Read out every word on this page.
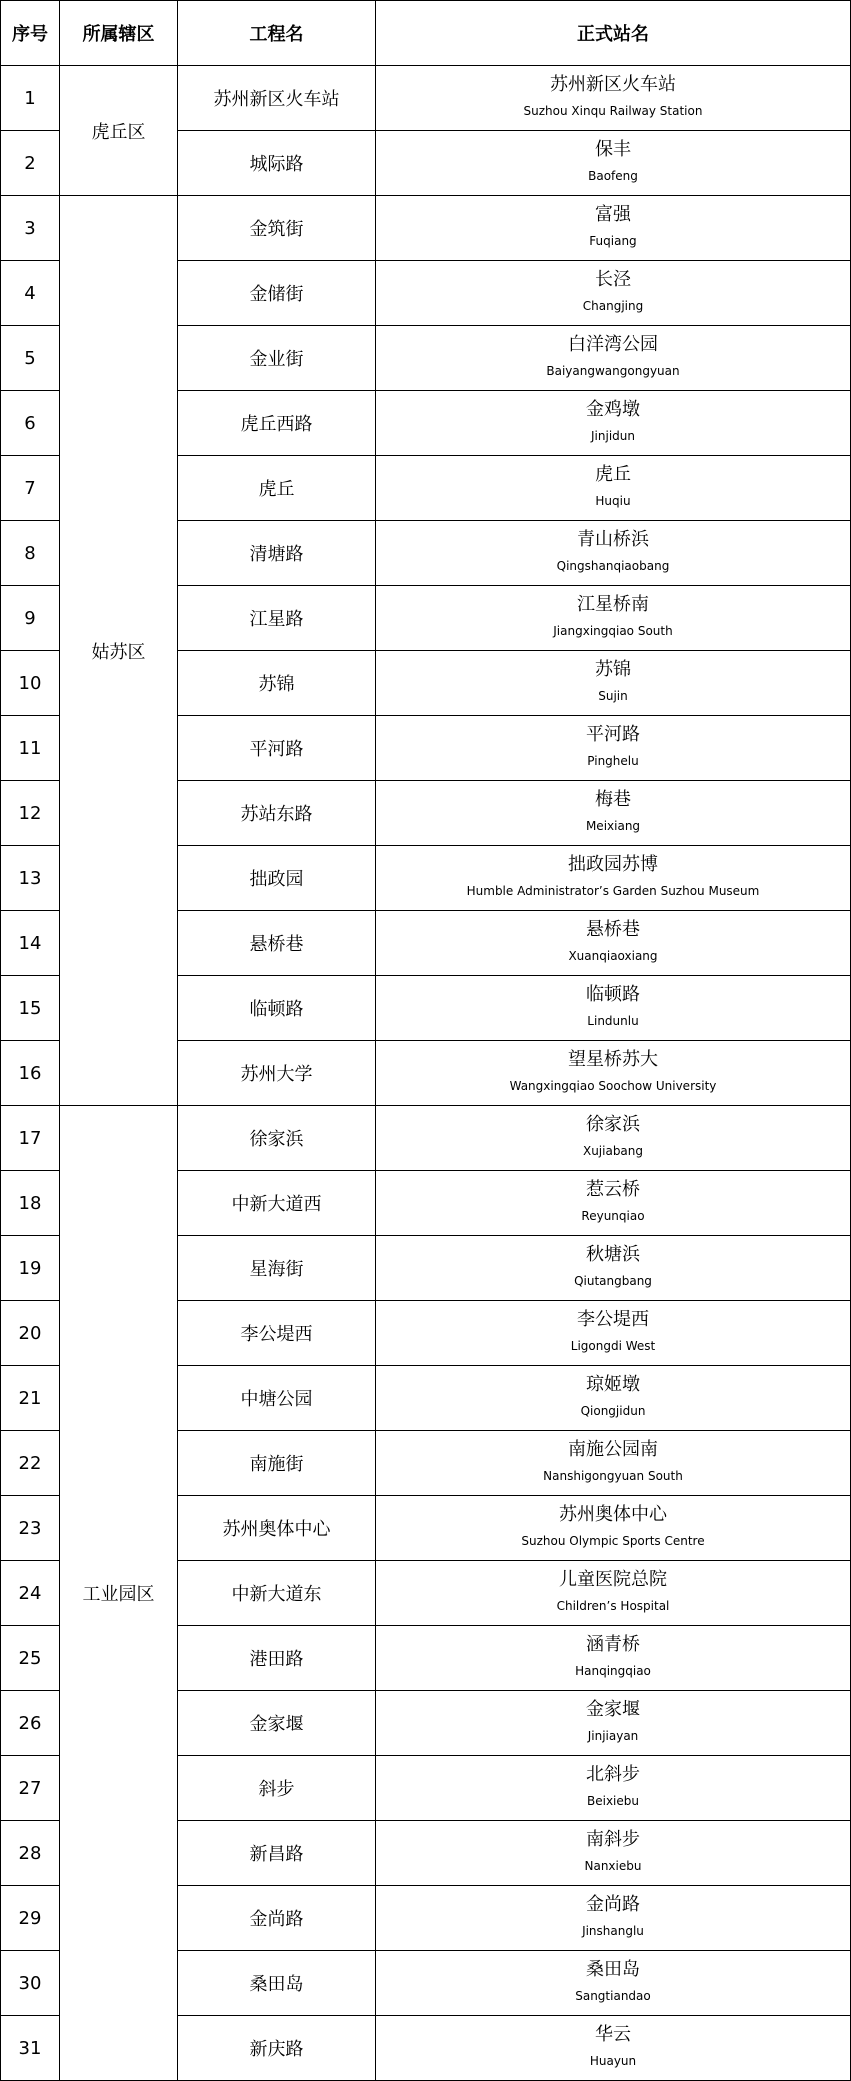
序号	所属辖区	工程名	正式站名
1	虎丘区	苏州新区火车站	苏州新区火车站
Suzhou Xinqu Railway Station

2		城际路	保丰
Baofeng

3	姑苏区	金筑街	富强
Fuqiang

4		金储街	长泾
Changjing

5		金业街	白洋湾公园
Baiyangwangongyuan

6		虎丘西路	金鸡墩
Jinjidun

7		虎丘	虎丘
Huqiu

8		清塘路	青山桥浜
Qingshanqiaobang

9		江星路	江星桥南
Jiangxingqiao South

10		苏锦	苏锦
Sujin

11		平河路	平河路
Pinghelu

12		苏站东路	梅巷
Meixiang

13		拙政园	拙政园苏博
Humble Administrator’s Garden Suzhou Museum

14		悬桥巷	悬桥巷
Xuanqiaoxiang

15		临顿路	临顿路
Lindunlu

16		苏州大学	望星桥苏大
Wangxingqiao Soochow University

17	工业园区	徐家浜	徐家浜
Xujiabang

18		中新大道西	惹云桥
Reyunqiao

19		星海街	秋塘浜
Qiutangbang

20		李公堤西	李公堤西
Ligongdi West

21		中塘公园	琼姬墩
Qiongjidun

22		南施街	南施公园南
Nanshigongyuan South

23		苏州奥体中心	苏州奥体中心
Suzhou Olympic Sports Centre

24		中新大道东	儿童医院总院
Children’s Hospital

25		港田路	涵青桥
Hanqingqiao

26		金家堰	金家堰
Jinjiayan

27		斜步	北斜步
Beixiebu

28		新昌路	南斜步
Nanxiebu

29		金尚路	金尚路
Jinshanglu

30		桑田岛	桑田岛
Sangtiandao

31		新庆路	华云
Huayun
